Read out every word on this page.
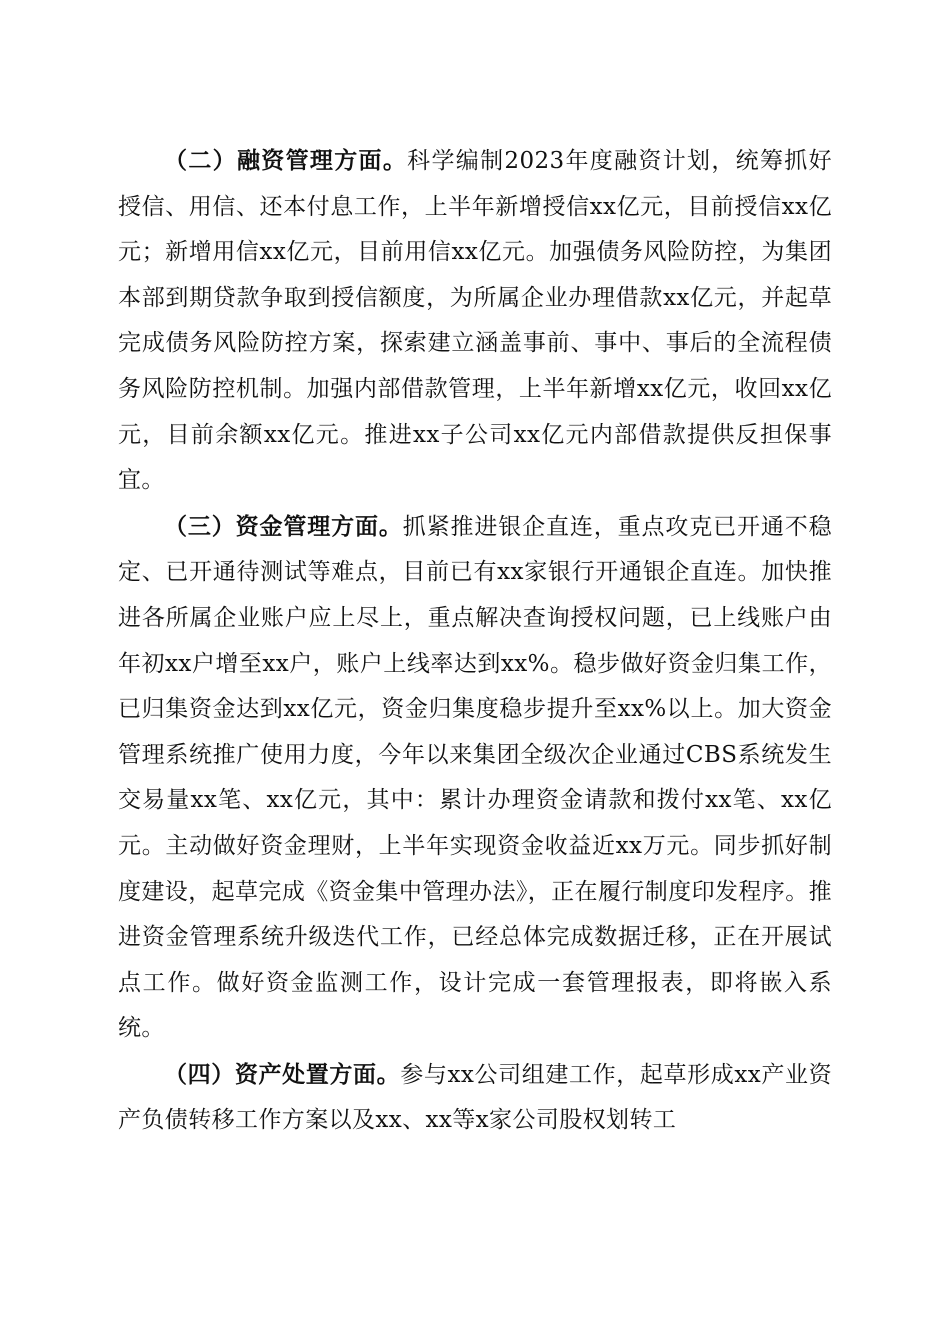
（二）融资管理方面。科学编制2023年度融资计划，统筹抓好授信、用信、还本付息工作，上半年新增授信xx亿元，目前授信xx亿元；新增用信xx亿元，目前用信xx亿元。加强债务风险防控，为集团本部到期贷款争取到授信额度，为所属企业办理借款xx亿元，并起草完成债务风险防控方案，探索建立涵盖事前、事中、事后的全流程债务风险防控机制。加强内部借款管理，上半年新增xx亿元，收回xx亿元，目前余额xx亿元。推进xx子公司xx亿元内部借款提供反担保事宜。

（三）资金管理方面。抓紧推进银企直连，重点攻克已开通不稳定、已开通待测试等难点，目前已有xx家银行开通银企直连。加快推进各所属企业账户应上尽上，重点解决查询授权问题，已上线账户由年初xx户增至xx户，账户上线率达到xx%。稳步做好资金归集工作，已归集资金达到xx亿元，资金归集度稳步提升至xx%以上。加大资金管理系统推广使用力度，今年以来集团全级次企业通过CBS系统发生交易量xx笔、xx亿元，其中：累计办理资金请款和拨付xx笔、xx亿元。主动做好资金理财，上半年实现资金收益近xx万元。同步抓好制度建设，起草完成《资金集中管理办法》，正在履行制度印发程序。推进资金管理系统升级迭代工作，已经总体完成数据迁移，正在开展试点工作。做好资金监测工作，设计完成一套管理报表，即将嵌入系统。

（四）资产处置方面。参与xx公司组建工作，起草形成xx产业资产负债转移工作方案以及xx、xx等x家公司股权划转工
